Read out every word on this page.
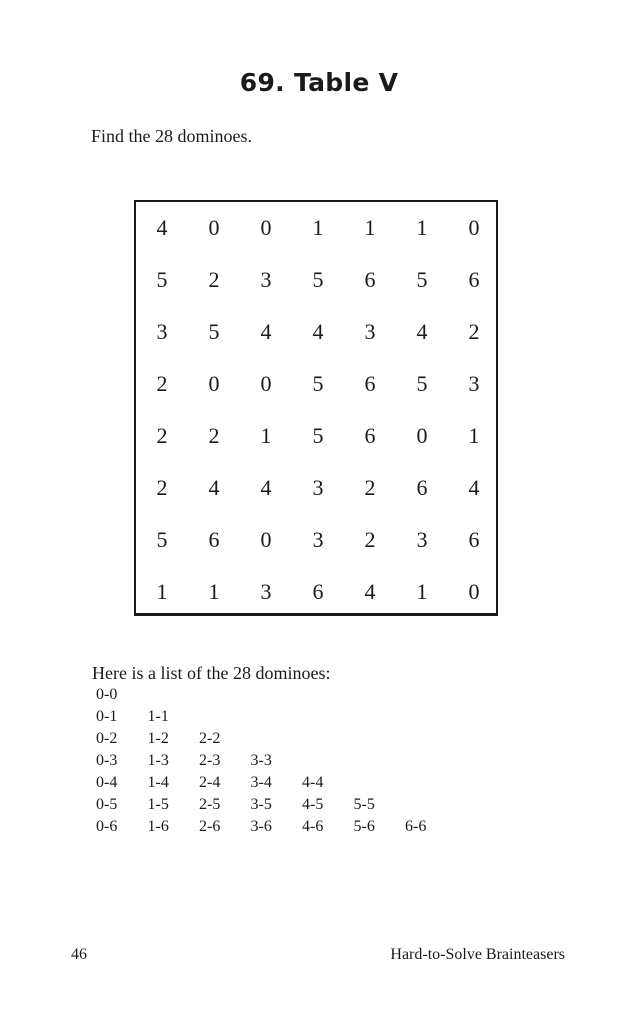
69. Table V
Find the 28 dominoes.
4	0	0	1	1	1	0
5	2	3	5	6	5	6
3	5	4	4	3	4	2
2	0	0	5	6	5	3
2	2	1	5	6	0	1
2	4	4	3	2	6	4
5	6	0	3	2	3	6
1	1	3	6	4	1	0
Here is a list of the 28 dominoes:
0-0
0-1 1-1
0-2 1-2 2-2
0-3 1-3 2-3 3-3
0-4 1-4 2-4 3-4 4-4
0-5 1-5 2-5 3-5 4-5 5-5
0-6 1-6 2-6 3-6 4-6 5-6 6-6
46	Hard-to-Solve Brainteasers
